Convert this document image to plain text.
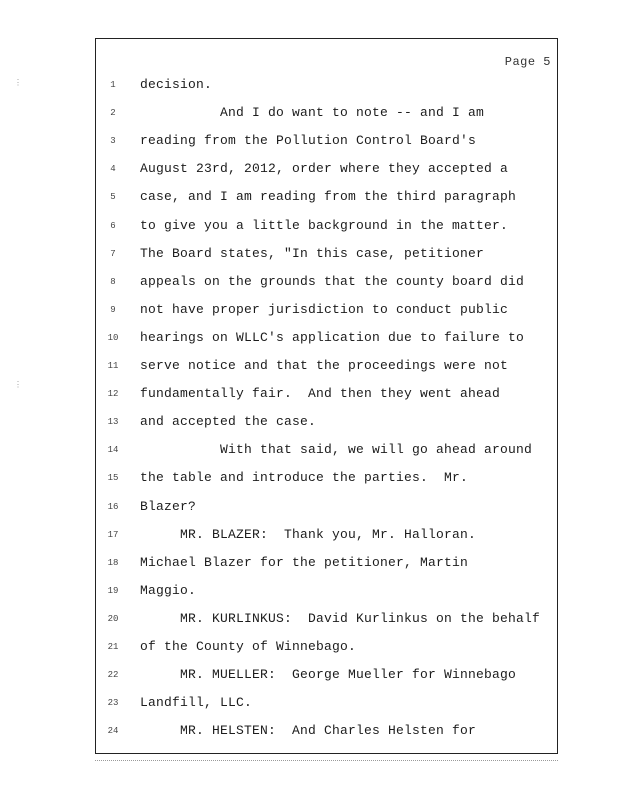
Page 5
⋮
⋮
1	decision.
2	And I do want to note -- and I am
3	reading from the Pollution Control Board's
4	August 23rd, 2012, order where they accepted a
5	case, and I am reading from the third paragraph
6	to give you a little background in the matter.
7	The Board states, "In this case, petitioner
8	appeals on the grounds that the county board did
9	not have proper jurisdiction to conduct public
10 hearings on WLLC's application due to failure to
11 serve notice and that the proceedings were not
12 fundamentally fair.  And then they went ahead
13 and accepted the case.
14 With that said, we will go ahead around
15 the table and introduce the parties.  Mr.
16 Blazer?
17 MR. BLAZER:  Thank you, Mr. Halloran.
18 Michael Blazer for the petitioner, Martin
19 Maggio.
20 MR. KURLINKUS:  David Kurlinkus on the behalf
21 of the County of Winnebago.
22 MR. MUELLER:  George Mueller for Winnebago
23 Landfill, LLC.
24 MR. HELSTEN:  And Charles Helsten for
